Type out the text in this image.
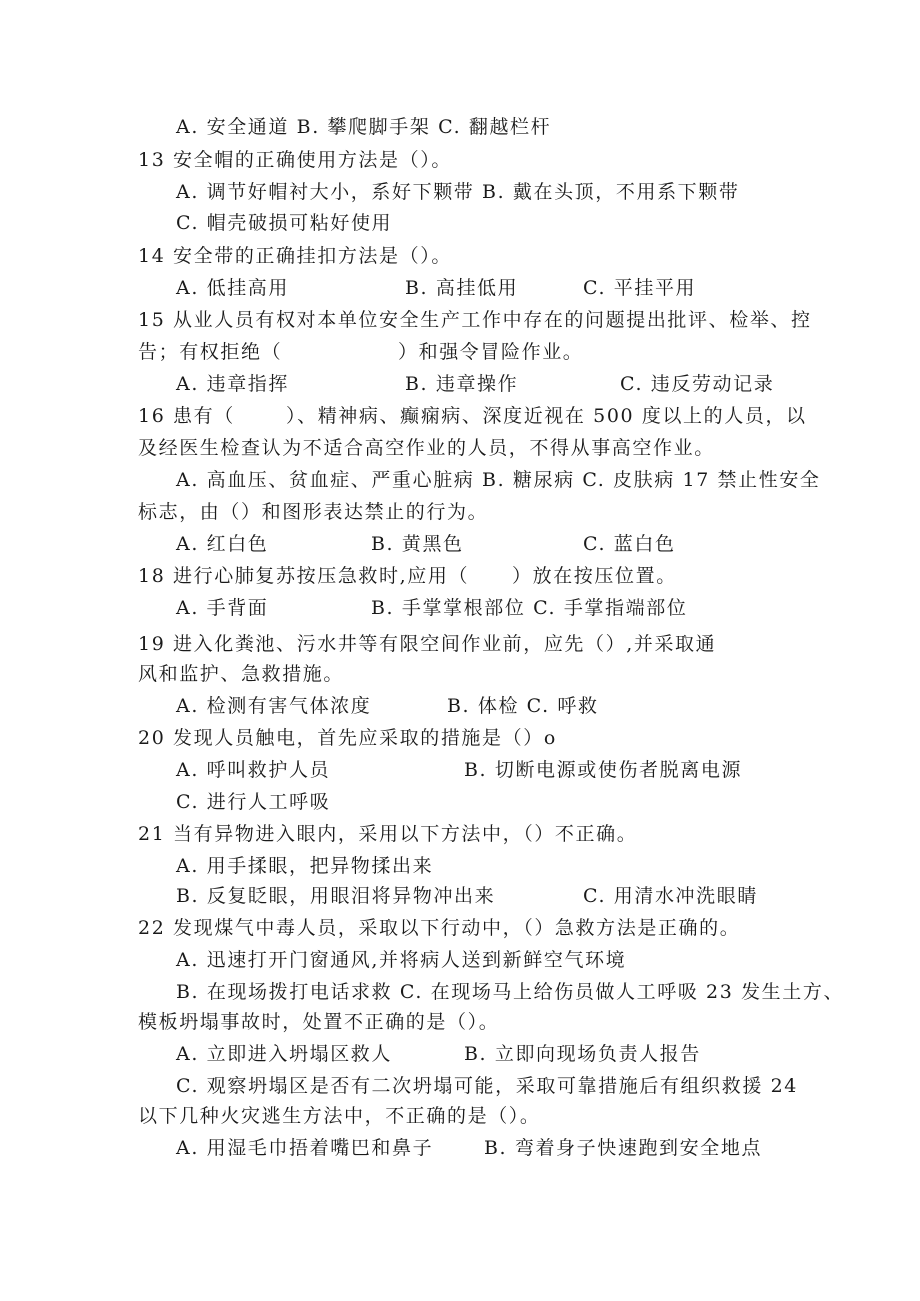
A. 安全通道 B. 攀爬脚手架 C. 翻越栏杆
13 安全帽的正确使用方法是（）。
A. 调节好帽衬大小，系好下颗带 B. 戴在头顶，不用系下颗带
C. 帽壳破损可粘好使用
14 安全带的正确挂扣方法是（）。
A. 低挂高用	B. 高挂低用	C. 平挂平用
15 从业人员有权对本单位安全生产工作中存在的问题提出批评、检举、控
告；有权拒绝（	）和强令冒险作业。
A. 违章指挥	B. 违章操作	C. 违反劳动记录
16 患有（	）、精神病、癫痫病、深度近视在 500 度以上的人员，以
及经医生检查认为不适合高空作业的人员，不得从事高空作业。
A. 高血压、贫血症、严重心脏病 B. 糖尿病 C. 皮肤病 17 禁止性安全
标志，由（）和图形表达禁止的行为。
A. 红白色	B. 黄黑色	C. 蓝白色
18 进行心肺复苏按压急救时,应用（ ）放在按压位置。
A. 手背面	B. 手掌掌根部位 C. 手掌指端部位
19 进入化粪池、污水井等有限空间作业前，应先（）,并采取通
风和监护、急救措施。
A. 检测有害气体浓度	B. 体检 C. 呼救
20 发现人员触电，首先应采取的措施是（）o
A. 呼叫救护人员	B. 切断电源或使伤者脱离电源
C. 进行人工呼吸
21 当有异物进入眼内，采用以下方法中，（）不正确。
A. 用手揉眼，把异物揉出来
B. 反复眨眼，用眼泪将异物冲出来	C. 用清水冲洗眼睛
22 发现煤气中毒人员，采取以下行动中，（）急救方法是正确的。
A. 迅速打开门窗通风,并将病人送到新鲜空气环境
B. 在现场拨打电话求救 C. 在现场马上给伤员做人工呼吸 23 发生土方、
模板坍塌事故时，处置不正确的是（）。
A. 立即进入坍塌区救人	B. 立即向现场负责人报告
C. 观察坍塌区是否有二次坍塌可能，采取可靠措施后有组织救援 24
以下几种火灾逃生方法中，不正确的是（）。
A. 用湿毛巾捂着嘴巴和鼻子	B. 弯着身子快速跑到安全地点
